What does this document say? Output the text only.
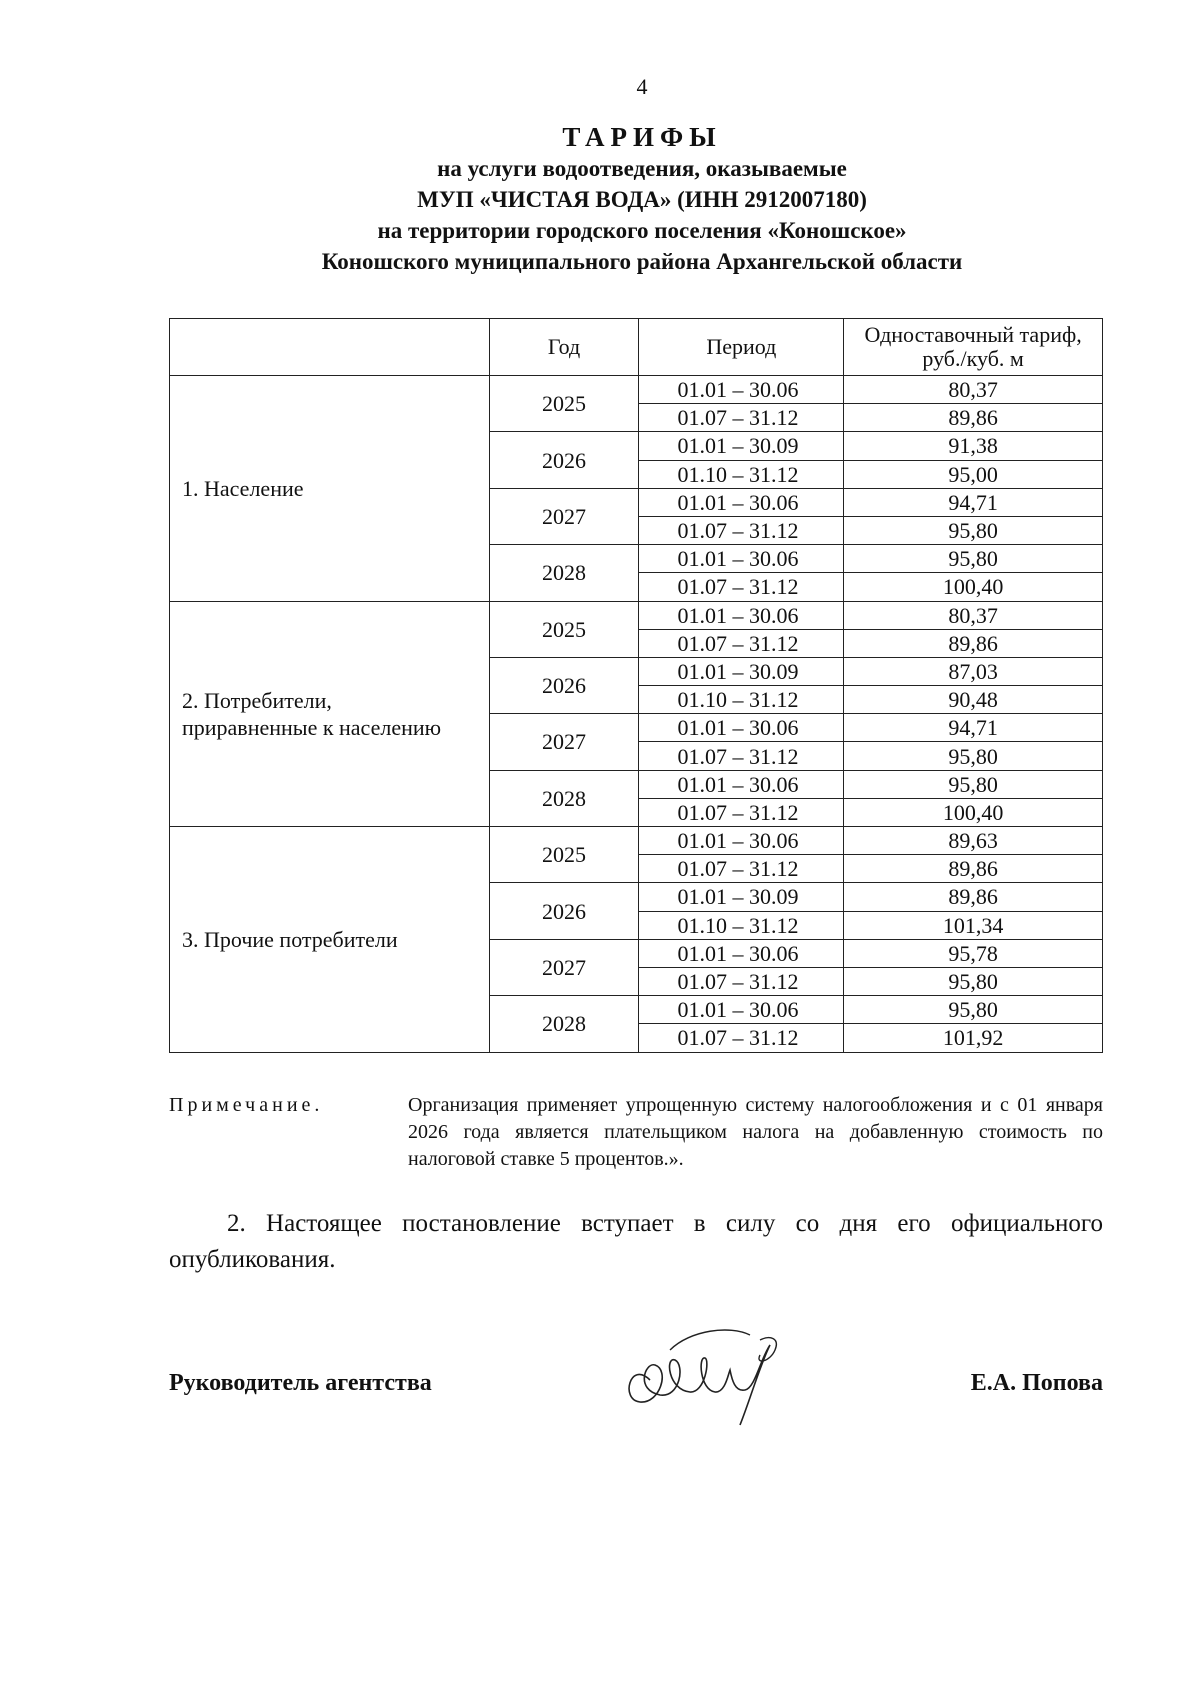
4
ТАРИФЫ
на услуги водоотведения, оказываемые
МУП «ЧИСТАЯ ВОДА» (ИНН 2912007180)
на территории городского поселения «Коношское»
Коношского муниципального района Архангельской области
	Год	Период	Одноставочный тариф,
руб./куб. м

1. Население	2025	01.01 – 30.06	80,37
		01.07 – 31.12	89,86
	2026	01.01 – 30.09	91,38
		01.10 – 31.12	95,00
	2027	01.01 – 30.06	94,71
		01.07 – 31.12	95,80
	2028	01.01 – 30.06	95,80
		01.07 – 31.12	100,40

2. Потребители,
приравненные к населению	2025	01.01 – 30.06	80,37
		01.07 – 31.12	89,86
	2026	01.01 – 30.09	87,03
		01.10 – 31.12	90,48
	2027	01.01 – 30.06	94,71
		01.07 – 31.12	95,80
	2028	01.01 – 30.06	95,80
		01.07 – 31.12	100,40

3. Прочие потребители	2025	01.01 – 30.06	89,63
		01.07 – 31.12	89,86
	2026	01.01 – 30.09	89,86
		01.10 – 31.12	101,34
	2027	01.01 – 30.06	95,78
		01.07 – 31.12	95,80
	2028	01.01 – 30.06	95,80
		01.07 – 31.12	101,92
Примечание.	Организация применяет упрощенную систему налогообложения и с 01 января 2026 года является плательщиком налога на добавленную стоимость по налоговой ставке 5 процентов.».
2. Настоящее постановление вступает в силу со дня его официального опубликования.
Руководитель агентства	Е.А. Попова
